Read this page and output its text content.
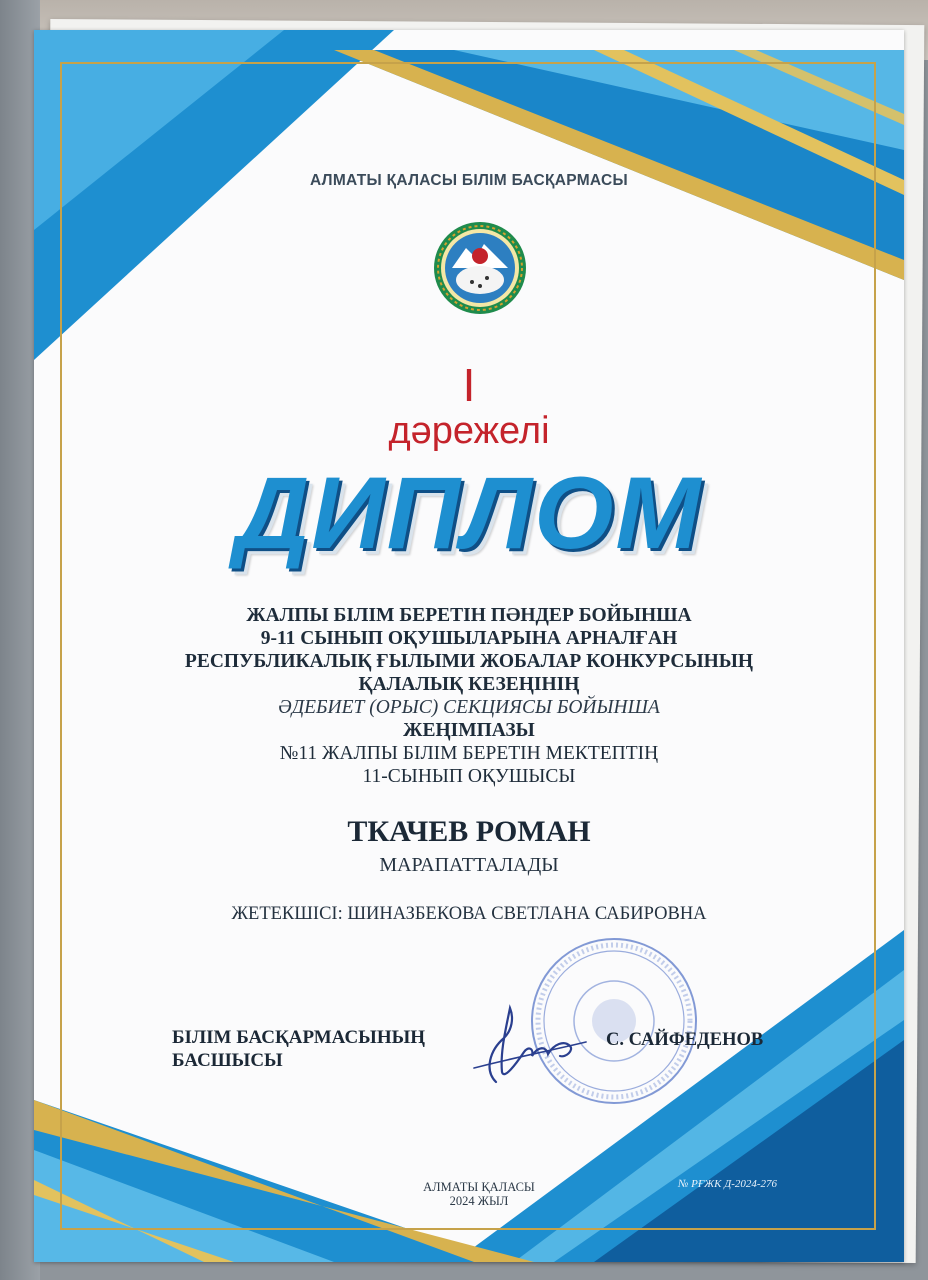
АЛМАТЫ ҚАЛАСЫ БІЛІМ БАСҚАРМАСЫ

I

дәрежелі

ДИПЛОМ

ЖАЛПЫ БІЛІМ БЕРЕТІН ПӘНДЕР БОЙЫНША
9-11 СЫНЫП ОҚУШЫЛАРЫНА АРНАЛҒАН
РЕСПУБЛИКАЛЫҚ ҒЫЛЫМИ ЖОБАЛАР КОНКУРСЫНЫҢ
ҚАЛАЛЫҚ КЕЗЕҢІНІҢ
ӘДЕБИЕТ (ОРЫС) СЕКЦИЯСЫ БОЙЫНША
ЖЕҢІМПАЗЫ
№11 ЖАЛПЫ БІЛІМ БЕРЕТІН МЕКТЕПТІҢ
11-СЫНЫП ОҚУШЫСЫ

ТКАЧЕВ РОМАН

МАРАПАТТАЛАДЫ

ЖЕТЕКШІСІ: ШИНАЗБЕКОВА СВЕТЛАНА САБИРОВНА

БІЛІМ БАСҚАРМАСЫНЫҢ
БАСШЫСЫ

С. САЙФЕДЕНОВ

АЛМАТЫ ҚАЛАСЫ
2024 ЖЫЛ

№ РҒЖК Д-2024-276
